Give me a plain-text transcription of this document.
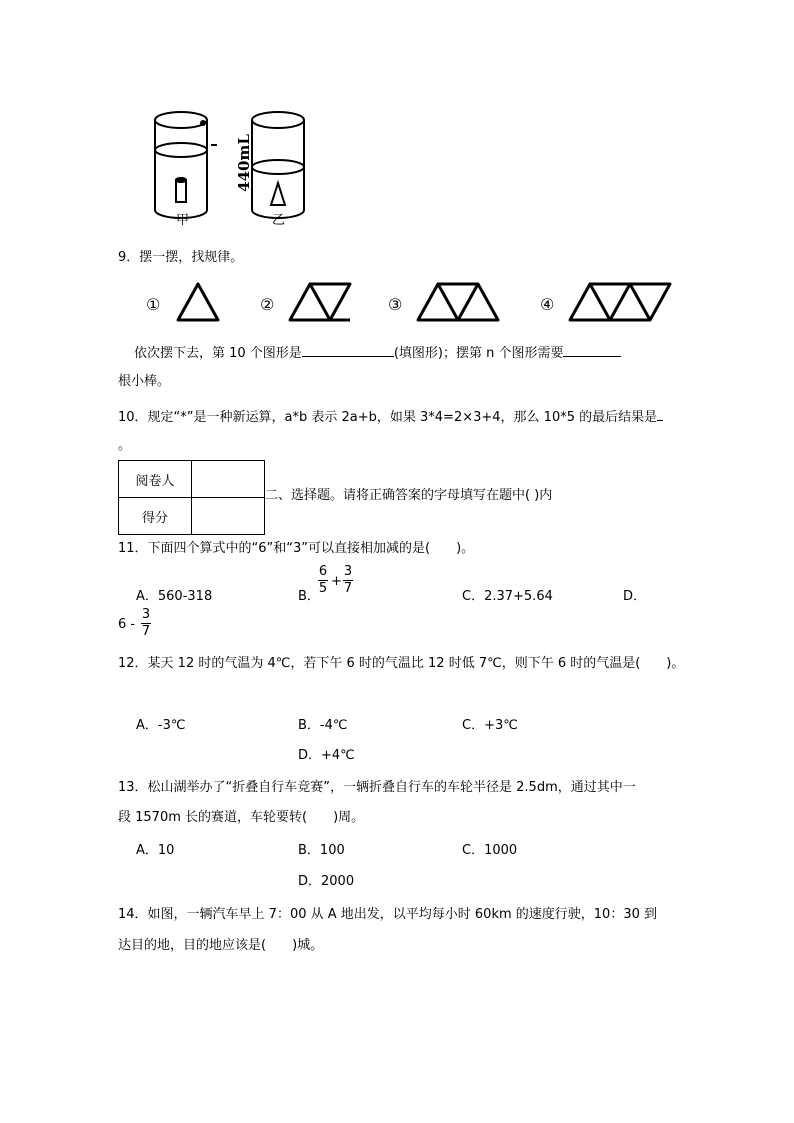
440mL
甲	乙
9．摆一摆，找规律。
①	②	③	④
依次摆下去，第 10 个图形是	(填图形)；摆第 n 个图形需要
根小棒。
10．规定“*”是一种新运算，a*b 表示 2a+b，如果 3*4=2×3+4，那么 10*5 的最后结果是
。
阅卷人	
得分	
二、选择题。请将正确答案的字母填写在题中( )内
11．下面四个算式中的“6”和“3”可以直接相加减的是(　　)。
A．560-318	B．
6
5 +
3
7
C．2.37+5.64	D．
6 -
3
7
12．某天 12 时的气温为 4℃，若下午 6 时的气温比 12 时低 7℃，则下午 6 时的气温是(　　)。
A．-3℃	B．-4℃	C．+3℃
D．+4℃
13．松山湖举办了“折叠自行车竞赛”，一辆折叠自行车的车轮半径是 2.5dm，通过其中一
段 1570m 长的赛道，车轮要转(　　)周。
A．10	B．100	C．1000
D．2000
14．如图，一辆汽车早上 7：00 从 A 地出发，以平均每小时 60km 的速度行驶，10：30 到
达目的地，目的地应该是(　　)城。
